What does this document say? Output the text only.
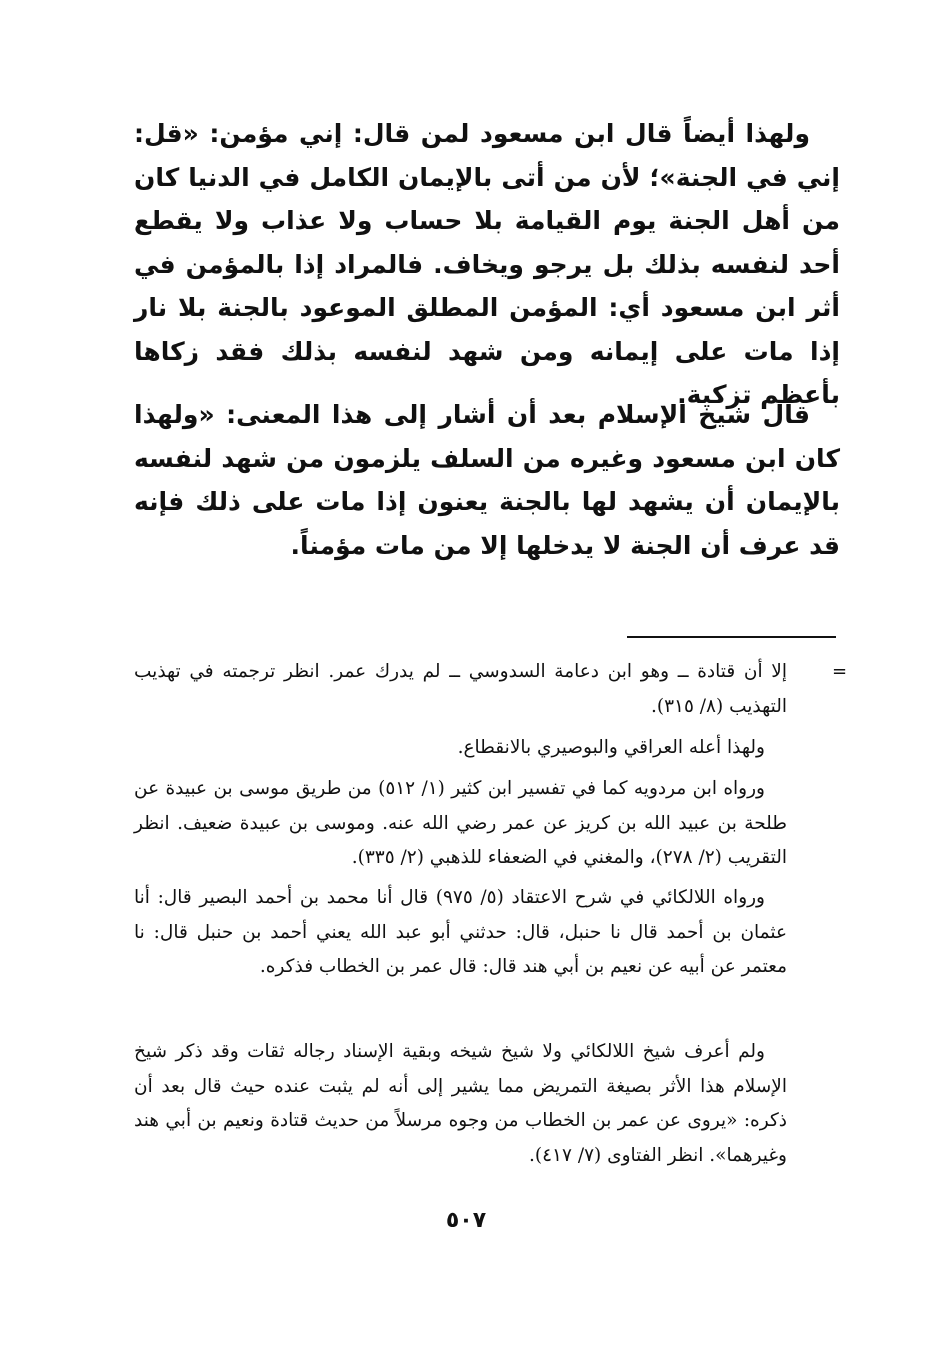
ولهذا أيضاً قال ابن مسعود لمن قال: إني مؤمن: «قل: إني في الجنة»؛ لأن من أتى بالإيمان الكامل في الدنيا كان من أهل الجنة يوم القيامة بلا حساب ولا عذاب ولا يقطع أحد لنفسه بذلك بل يرجو ويخاف. فالمراد إذا بالمؤمن في أثر ابن مسعود أي: المؤمن المطلق الموعود بالجنة بلا نار إذا مات على إيمانه ومن شهد لنفسه بذلك فقد زكاها بأعظم تزكية.

قال شيخ الإسلام بعد أن أشار إلى هذا المعنى: «ولهذا كان ابن مسعود وغيره من السلف يلزمون من شهد لنفسه بالإيمان أن يشهد لها بالجنة يعنون إذا مات على ذلك فإنه قد عرف أن الجنة لا يدخلها إلا من مات مؤمناً.

=

إلا أن قتادة ــ وهو ابن دعامة السدوسي ــ لم يدرك عمر. انظر ترجمته في تهذيب التهذيب (٨/ ٣١٥).

ولهذا أعله العراقي والبوصيري بالانقطاع.

ورواه ابن مردويه كما في تفسير ابن كثير (١/ ٥١٢) من طريق موسى بن عبيدة عن طلحة بن عبيد الله بن كريز عن عمر رضي الله عنه. وموسى بن عبيدة ضعيف. انظر التقريب (٢/ ٢٧٨)، والمغني في الضعفاء للذهبي (٢/ ٣٣٥).

ورواه اللالكائي في شرح الاعتقاد (٥/ ٩٧٥) قال أنا محمد بن أحمد البصير قال: أنا عثمان بن أحمد قال نا حنبل، قال: حدثني أبو عبد الله يعني أحمد بن حنبل قال: نا معتمر عن أبيه عن نعيم بن أبي هند قال: قال عمر بن الخطاب فذكره.

ولم أعرف شيخ اللالكائي ولا شيخ شيخه وبقية الإسناد رجاله ثقات وقد ذكر شيخ الإسلام هذا الأثر بصيغة التمريض مما يشير إلى أنه لم يثبت عنده حيث قال بعد أن ذكره: «يروى عن عمر بن الخطاب من وجوه مرسلاً من حديث قتادة ونعيم بن أبي هند وغيرهما». انظر الفتاوى (٧/ ٤١٧).

٥٠٧
